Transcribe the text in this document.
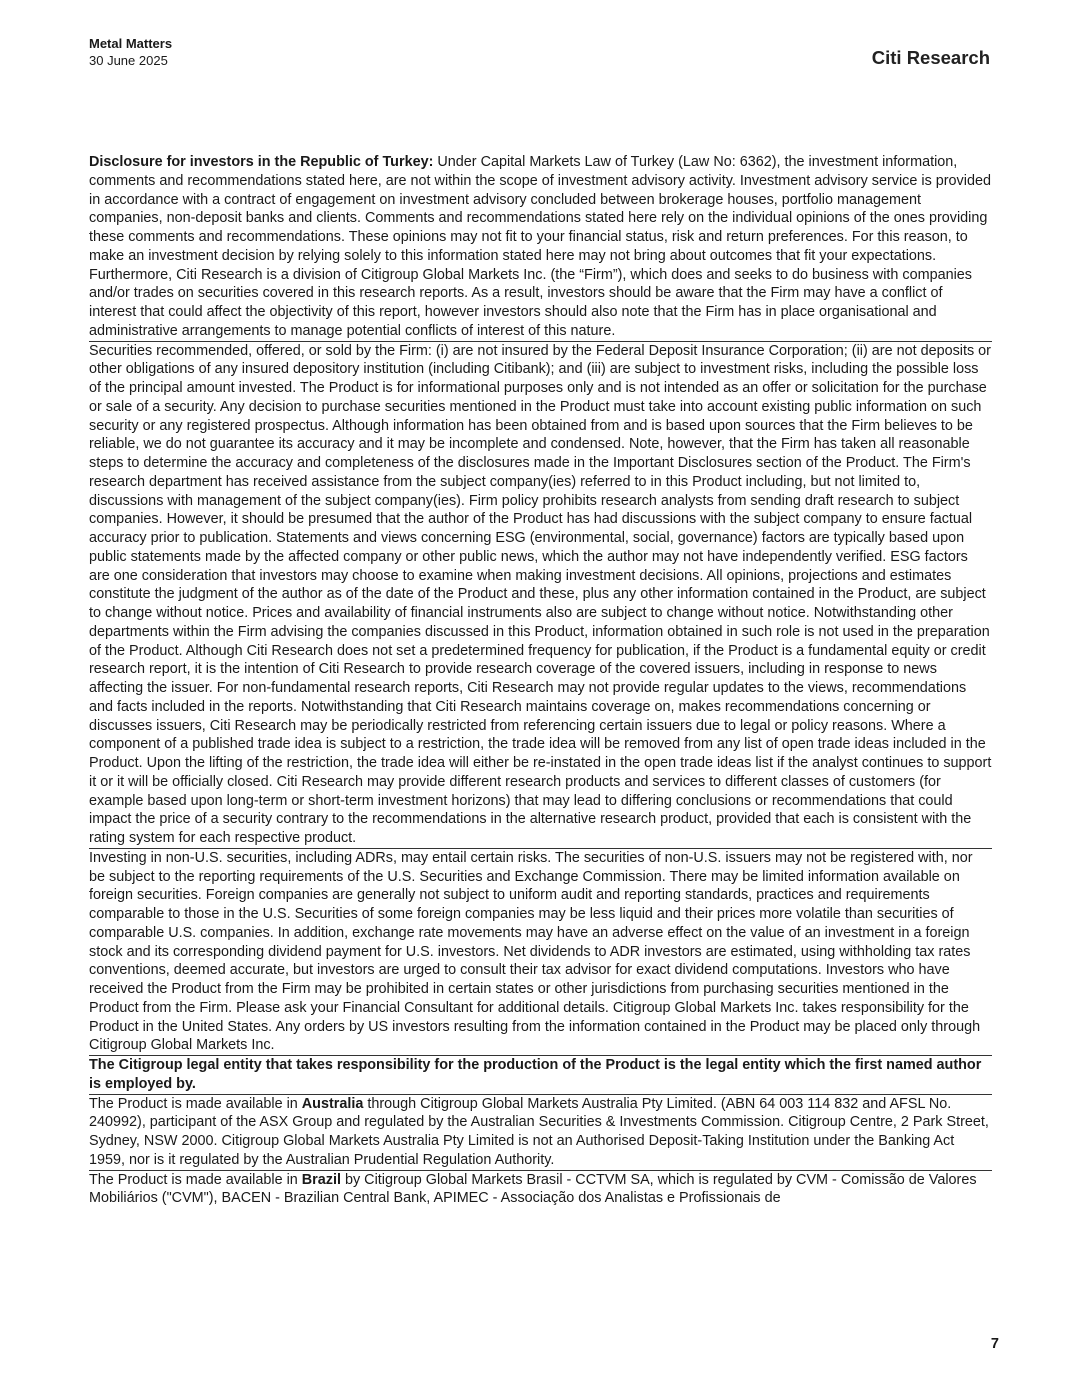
Metal Matters
30 June 2025	Citi Research

Disclosure for investors in the Republic of Turkey: Under Capital Markets Law of Turkey (Law No: 6362), the investment information, comments and recommendations stated here, are not within the scope of investment advisory activity. Investment advisory service is provided in accordance with a contract of engagement on investment advisory concluded between brokerage houses, portfolio management companies, non-deposit banks and clients. Comments and recommendations stated here rely on the individual opinions of the ones providing these comments and recommendations. These opinions may not fit to your financial status, risk and return preferences. For this reason, to make an investment decision by relying solely to this information stated here may not bring about outcomes that fit your expectations. Furthermore, Citi Research is a division of Citigroup Global Markets Inc. (the “Firm”), which does and seeks to do business with companies and/or trades on securities covered in this research reports. As a result, investors should be aware that the Firm may have a conflict of interest that could affect the objectivity of this report, however investors should also note that the Firm has in place organisational and administrative arrangements to manage potential conflicts of interest of this nature.

Securities recommended, offered, or sold by the Firm: (i) are not insured by the Federal Deposit Insurance Corporation; (ii) are not deposits or other obligations of any insured depository institution (including Citibank); and (iii) are subject to investment risks, including the possible loss of the principal amount invested. The Product is for informational purposes only and is not intended as an offer or solicitation for the purchase or sale of a security. Any decision to purchase securities mentioned in the Product must take into account existing public information on such security or any registered prospectus. Although information has been obtained from and is based upon sources that the Firm believes to be reliable, we do not guarantee its accuracy and it may be incomplete and condensed. Note, however, that the Firm has taken all reasonable steps to determine the accuracy and completeness of the disclosures made in the Important Disclosures section of the Product. The Firm's research department has received assistance from the subject company(ies) referred to in this Product including, but not limited to, discussions with management of the subject company(ies). Firm policy prohibits research analysts from sending draft research to subject companies. However, it should be presumed that the author of the Product has had discussions with the subject company to ensure factual accuracy prior to publication. Statements and views concerning ESG (environmental, social, governance) factors are typically based upon public statements made by the affected company or other public news, which the author may not have independently verified. ESG factors are one consideration that investors may choose to examine when making investment decisions. All opinions, projections and estimates constitute the judgment of the author as of the date of the Product and these, plus any other information contained in the Product, are subject to change without notice. Prices and availability of financial instruments also are subject to change without notice. Notwithstanding other departments within the Firm advising the companies discussed in this Product, information obtained in such role is not used in the preparation of the Product. Although Citi Research does not set a predetermined frequency for publication, if the Product is a fundamental equity or credit research report, it is the intention of Citi Research to provide research coverage of the covered issuers, including in response to news affecting the issuer. For non-fundamental research reports, Citi Research may not provide regular updates to the views, recommendations and facts included in the reports. Notwithstanding that Citi Research maintains coverage on, makes recommendations concerning or discusses issuers, Citi Research may be periodically restricted from referencing certain issuers due to legal or policy reasons. Where a component of a published trade idea is subject to a restriction, the trade idea will be removed from any list of open trade ideas included in the Product. Upon the lifting of the restriction, the trade idea will either be re-instated in the open trade ideas list if the analyst continues to support it or it will be officially closed. Citi Research may provide different research products and services to different classes of customers (for example based upon long-term or short-term investment horizons) that may lead to differing conclusions or recommendations that could impact the price of a security contrary to the recommendations in the alternative research product, provided that each is consistent with the rating system for each respective product.

Investing in non-U.S. securities, including ADRs, may entail certain risks. The securities of non-U.S. issuers may not be registered with, nor be subject to the reporting requirements of the U.S. Securities and Exchange Commission. There may be limited information available on foreign securities. Foreign companies are generally not subject to uniform audit and reporting standards, practices and requirements comparable to those in the U.S. Securities of some foreign companies may be less liquid and their prices more volatile than securities of comparable U.S. companies. In addition, exchange rate movements may have an adverse effect on the value of an investment in a foreign stock and its corresponding dividend payment for U.S. investors. Net dividends to ADR investors are estimated, using withholding tax rates conventions, deemed accurate, but investors are urged to consult their tax advisor for exact dividend computations. Investors who have received the Product from the Firm may be prohibited in certain states or other jurisdictions from purchasing securities mentioned in the Product from the Firm. Please ask your Financial Consultant for additional details. Citigroup Global Markets Inc. takes responsibility for the Product in the United States. Any orders by US investors resulting from the information contained in the Product may be placed only through Citigroup Global Markets Inc.

The Citigroup legal entity that takes responsibility for the production of the Product is the legal entity which the first named author is employed by.

The Product is made available in Australia through Citigroup Global Markets Australia Pty Limited. (ABN 64 003 114 832 and AFSL No. 240992), participant of the ASX Group and regulated by the Australian Securities & Investments Commission. Citigroup Centre, 2 Park Street, Sydney, NSW 2000. Citigroup Global Markets Australia Pty Limited is not an Authorised Deposit-Taking Institution under the Banking Act 1959, nor is it regulated by the Australian Prudential Regulation Authority.

The Product is made available in Brazil by Citigroup Global Markets Brasil - CCTVM SA, which is regulated by CVM - Comissão de Valores Mobiliários ("CVM"), BACEN - Brazilian Central Bank, APIMEC - Associação dos Analistas e Profissionais de

7
